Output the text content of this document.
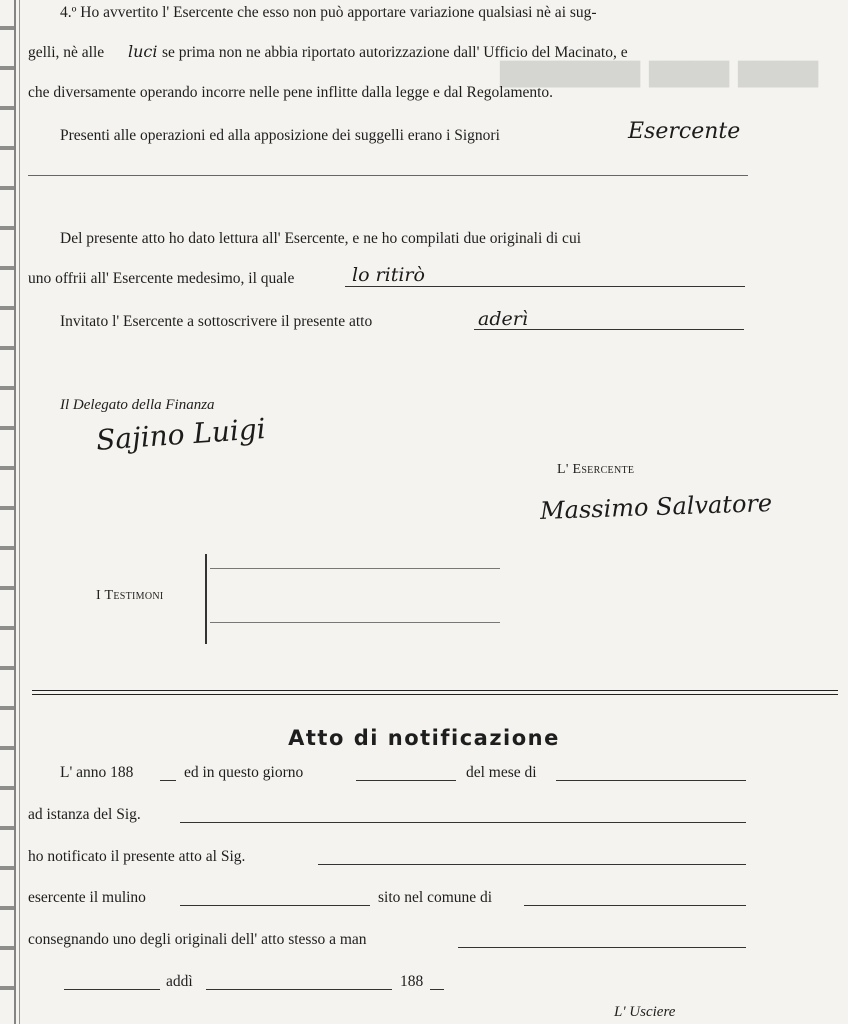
▇▇▇▇ ▇▇▇▇ ▇▇▇▇▇▇▇
4.º Ho avvertito l' Esercente che esso non può apportare variazione qualsiasi nè ai sug-
gelli, nè alle luci se prima non ne abbia riportato autorizzazione dall' Ufficio del Macinato, e
che diversamente operando incorre nelle pene inflitte dalla legge e dal Regolamento.
Presenti alle operazioni ed alla apposizione dei suggelli erano i Signori	Esercente
Del presente atto ho dato lettura all' Esercente, e ne ho compilati due originali di cui
uno offrii all' Esercente medesimo, il quale	lo ritirò
Invitato l' Esercente a sottoscrivere il presente atto	aderì
Il Delegato della Finanza
Sajino Luigi
L' Esercente
Massimo Salvatore
I Testimoni
Atto di notificazione
L' anno 188	ed in questo giorno	del mese di
ad istanza del Sig.
ho notificato il presente atto al Sig.
esercente il mulino	sito nel comune di
consegnando uno degli originali dell' atto stesso a man
addì	188
L' Usciere
